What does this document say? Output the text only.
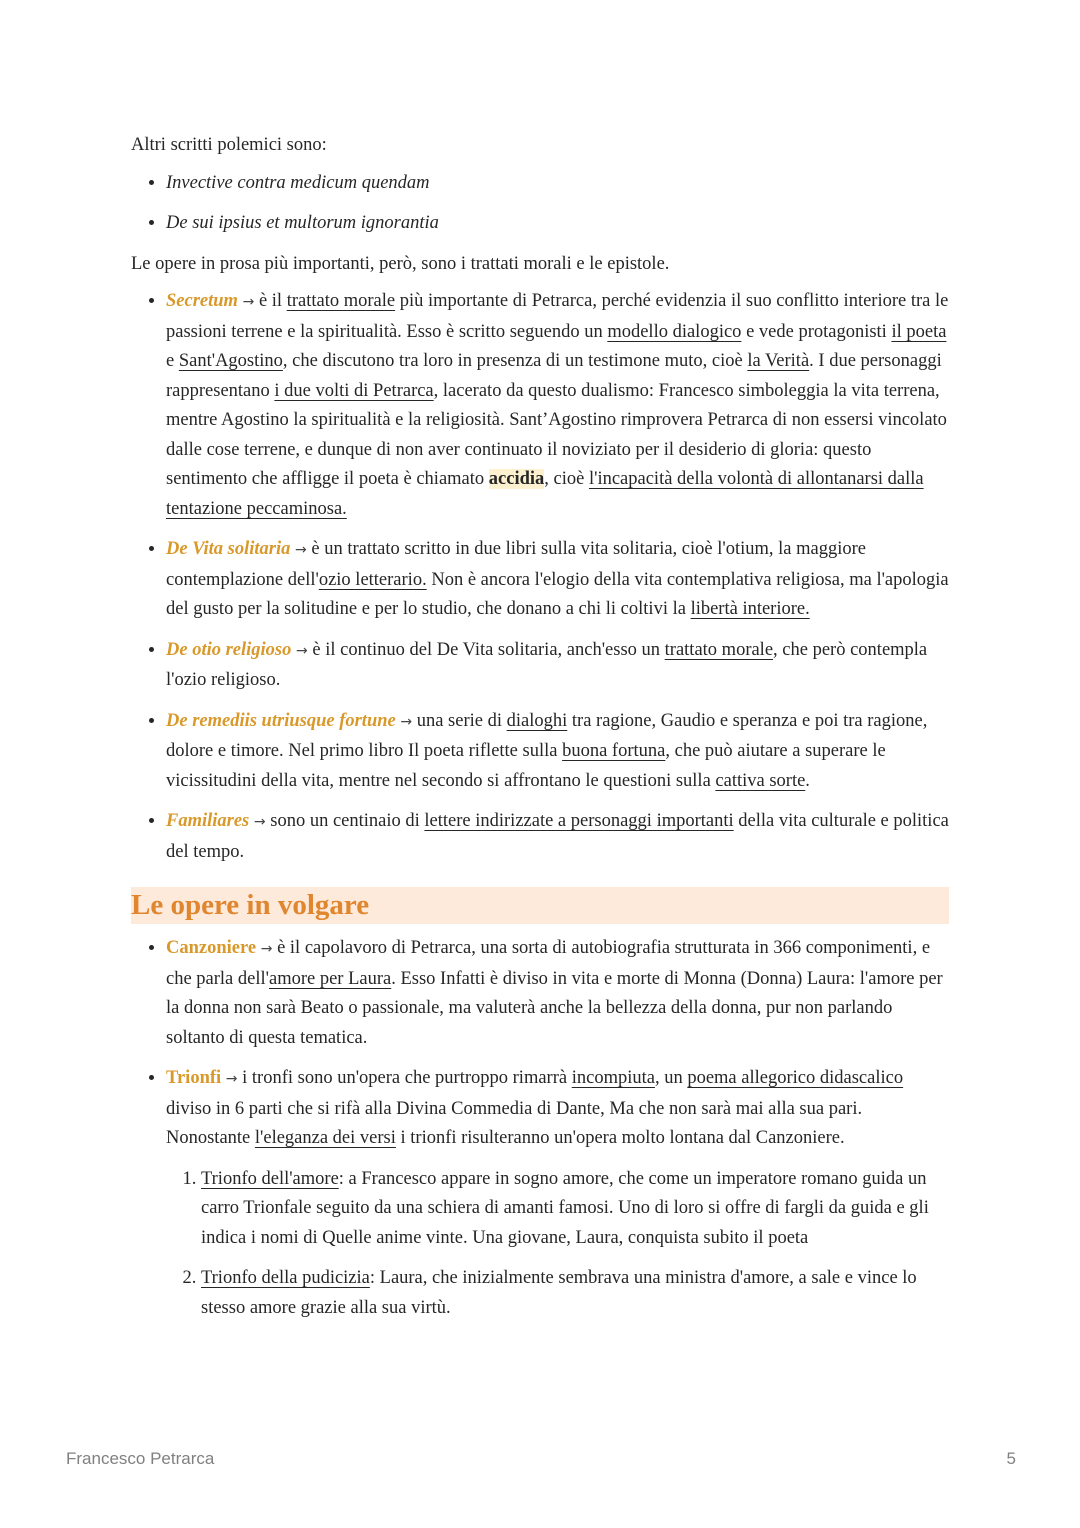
Altri scritti polemici sono:

• Invective contra medicum quendam
• De sui ipsius et multorum ignorantia

Le opere in prosa più importanti, però, sono i trattati morali e le epistole.

• Secretum → è il trattato morale più importante di Petrarca, perché evidenzia il suo conflitto interiore tra le passioni terrene e la spiritualità. Esso è scritto seguendo un modello dialogico e vede protagonisti il poeta e Sant'Agostino, che discutono tra loro in presenza di un testimone muto, cioè la Verità. I due personaggi rappresentano i due volti di Petrarca, lacerato da questo dualismo: Francesco simboleggia la vita terrena, mentre Agostino la spiritualità e la religiosità. Sant’Agostino rimprovera Petrarca di non essersi vincolato dalle cose terrene, e dunque di non aver continuato il noviziato per il desiderio di gloria: questo sentimento che affligge il poeta è chiamato accidia, cioè l'incapacità della volontà di allontanarsi dalla tentazione peccaminosa.
• De Vita solitaria → è un trattato scritto in due libri sulla vita solitaria, cioè l'otium, la maggiore contemplazione dell'ozio letterario. Non è ancora l'elogio della vita contemplativa religiosa, ma l'apologia del gusto per la solitudine e per lo studio, che donano a chi li coltivi la libertà interiore.
• De otio religioso → è il continuo del De Vita solitaria, anch'esso un trattato morale, che però contempla l'ozio religioso.
• De remediis utriusque fortune → una serie di dialoghi tra ragione, Gaudio e speranza e poi tra ragione, dolore e timore. Nel primo libro Il poeta riflette sulla buona fortuna, che può aiutare a superare le vicissitudini della vita, mentre nel secondo si affrontano le questioni sulla cattiva sorte.
• Familiares → sono un centinaio di lettere indirizzate a personaggi importanti della vita culturale e politica del tempo.
Le opere in volgare
• Canzoniere → è il capolavoro di Petrarca, una sorta di autobiografia strutturata in 366 componimenti, e che parla dell'amore per Laura. Esso Infatti è diviso in vita e morte di Monna (Donna) Laura: l'amore per la donna non sarà Beato o passionale, ma valuterà anche la bellezza della donna, pur non parlando soltanto di questa tematica.
• Trionfi → i tronfi sono un'opera che purtroppo rimarrà incompiuta, un poema allegorico didascalico diviso in 6 parti che si rifà alla Divina Commedia di Dante, Ma che non sarà mai alla sua pari. Nonostante l'eleganza dei versi i trionfi risulteranno un'opera molto lontana dal Canzoniere.
1. Trionfo dell'amore: a Francesco appare in sogno amore, che come un imperatore romano guida un carro Trionfale seguito da una schiera di amanti famosi. Uno di loro si offre di fargli da guida e gli indica i nomi di Quelle anime vinte. Una giovane, Laura, conquista subito il poeta
2. Trionfo della pudicizia: Laura, che inizialmente sembrava una ministra d'amore, a sale e vince lo stesso amore grazie alla sua virtù.
Francesco Petrarca	5
